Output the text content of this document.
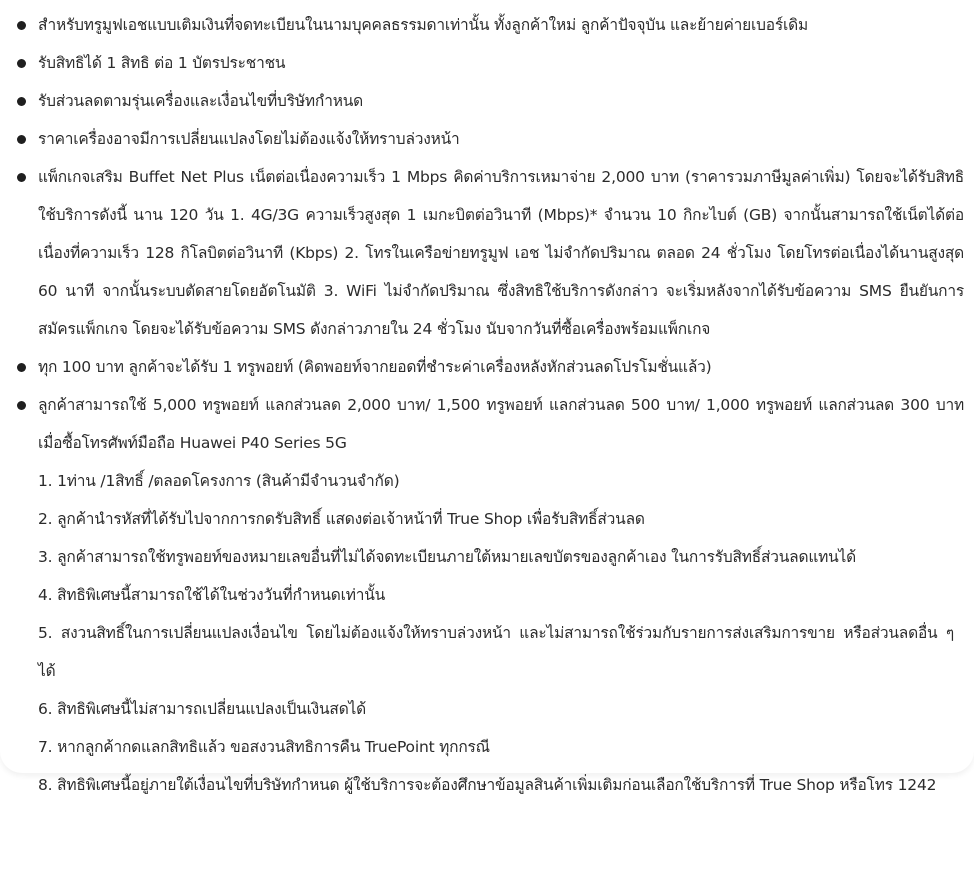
สำหรับทรูมูฟเอชแบบเติมเงินที่จดทะเบียนในนามบุคคลธรรมดาเท่านั้น ทั้งลูกค้าใหม่ ลูกค้าปัจจุบัน และย้ายค่ายเบอร์เดิม
รับสิทธิได้ 1 สิทธิ ต่อ 1 บัตรประชาชน
รับส่วนลดตามรุ่นเครื่องและเงื่อนไขที่บริษัทกำหนด
ราคาเครื่องอาจมีการเปลี่ยนแปลงโดยไม่ต้องแจ้งให้ทราบล่วงหน้า
แพ็กเกจเสริม Buffet Net Plus เน็ตต่อเนื่องความเร็ว 1 Mbps คิดค่าบริการเหมาจ่าย 2,000 บาท (ราคารวมภาษีมูลค่าเพิ่ม) โดยจะได้รับสิทธิใช้บริการดังนี้ นาน 120 วัน 1. 4G/3G ความเร็วสูงสุด 1 เมกะบิตต่อวินาที (Mbps)* จำนวน 10 กิกะไบต์ (GB) จากนั้นสามารถใช้เน็ตได้ต่อเนื่องที่ความเร็ว 128 กิโลบิตต่อวินาที (Kbps) 2. โทรในเครือข่ายทรูมูฟ เอช ไม่จำกัดปริมาณ ตลอด 24 ชั่วโมง โดยโทรต่อเนื่องได้นานสูงสุด 60 นาที จากนั้นระบบตัดสายโดยอัตโนมัติ 3. WiFi ไม่จำกัดปริมาณ ซึ่งสิทธิใช้บริการดังกล่าว จะเริ่มหลังจากได้รับข้อความ SMS ยืนยันการสมัครแพ็กเกจ โดยจะได้รับข้อความ SMS ดังกล่าวภายใน 24 ชั่วโมง นับจากวันที่ซื้อเครื่องพร้อมแพ็กเกจ
ทุก 100 บาท ลูกค้าจะได้รับ 1 ทรูพอยท์ (คิดพอยท์จากยอดที่ชำระค่าเครื่องหลังหักส่วนลดโปรโมชั่นแล้ว)
ลูกค้าสามารถใช้ 5,000 ทรูพอยท์ แลกส่วนลด 2,000 บาท/ 1,500 ทรูพอยท์ แลกส่วนลด 500 บาท/ 1,000 ทรูพอยท์ แลกส่วนลด 300 บาท เมื่อซื้อโทรศัพท์มือถือ Huawei P40 Series 5G
1. 1ท่าน /1สิทธิ์ /ตลอดโครงการ (สินค้ามีจำนวนจำกัด)
2. ลูกค้านำรหัสที่ได้รับไปจากการกดรับสิทธิ์ แสดงต่อเจ้าหน้าที่ True Shop เพื่อรับสิทธิ์ส่วนลด
3. ลูกค้าสามารถใช้ทรูพอยท์ของหมายเลขอื่นที่ไม่ได้จดทะเบียนภายใต้หมายเลขบัตรของลูกค้าเอง ในการรับสิทธิ์ส่วนลดแทนได้
4. สิทธิพิเศษนี้สามารถใช้ได้ในช่วงวันที่กำหนดเท่านั้น
5. สงวนสิทธิ์ในการเปลี่ยนแปลงเงื่อนไข โดยไม่ต้องแจ้งให้ทราบล่วงหน้า และไม่สามารถใช้ร่วมกับรายการส่งเสริมการขาย หรือส่วนลดอื่น ๆ ได้
6. สิทธิพิเศษนี้ไม่สามารถเปลี่ยนแปลงเป็นเงินสดได้
7. หากลูกค้ากดแลกสิทธิแล้ว ขอสงวนสิทธิการคืน TruePoint ทุกกรณี
8. สิทธิพิเศษนี้อยู่ภายใต้เงื่อนไขที่บริษัทกำหนด ผู้ใช้บริการจะต้องศึกษาข้อมูลสินค้าเพิ่มเติมก่อนเลือกใช้บริการที่ True Shop หรือโทร 1242
